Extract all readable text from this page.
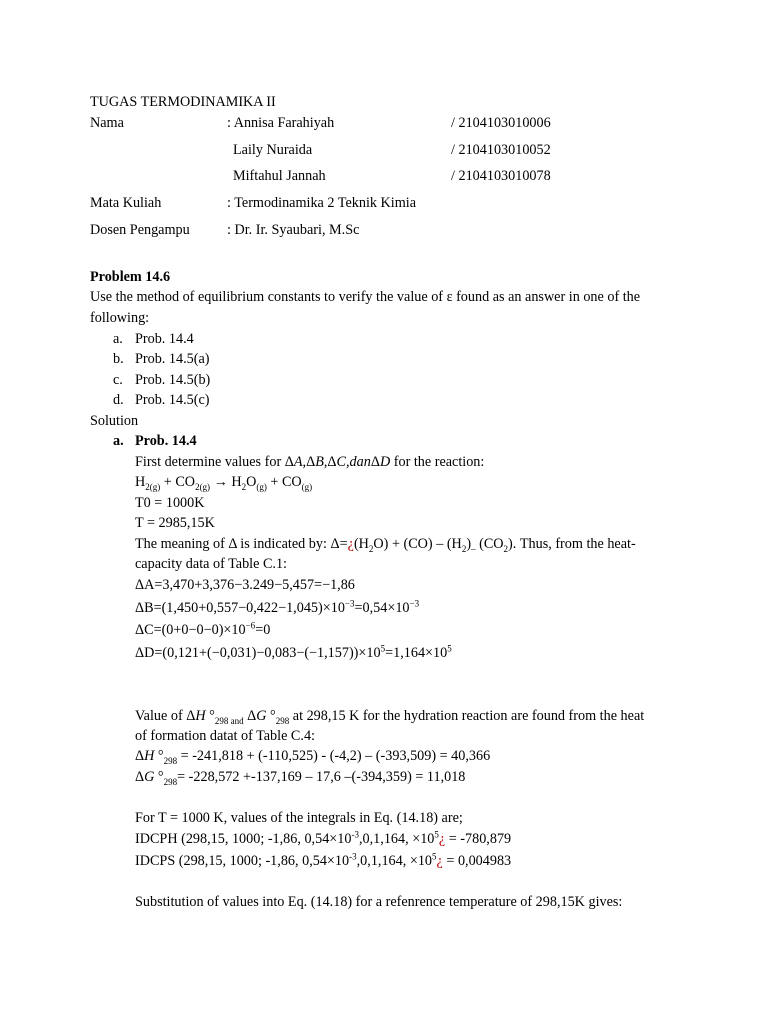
TUGAS TERMODINAMIKA II
Nama	: Annisa Farahiyah	/ 2104103010006
Laily Nuraida	/ 2104103010052
Miftahul Jannah	/ 2104103010078
Mata Kuliah	: Termodinamika 2 Teknik Kimia
Dosen Pengampu	: Dr. Ir. Syaubari, M.Sc
Problem 14.6
Use the method of equilibrium constants to verify the value of ε found as an answer in one of the
following:
a. Prob. 14.4
b. Prob. 14.5(a)
c. Prob. 14.5(b)
d. Prob. 14.5(c)
Solution
a. Prob. 14.4
First determine values for ΔA,ΔB,ΔC,danΔD for the reaction:
$H_{2(g)} + CO_{2(g)} \to H_2O_{(g)} + CO_{(g)}$
T0 = 1000K
T = 2985,15K
The meaning of Δ is indicated by: $\Delta=¿(H_2O) + (CO) - (H_2)_-$ $(CO_2)$. Thus, from the heat-
capacity data of Table C.1:
ΔA=3,470+3,376−3.249−5,457=−1,86
$\Delta B=(1,450+0,557-0,422-1,045)\times 10^{-3}=0,54\times 10^{-3}$
$\Delta C=(0+0-0-0)\times 10^{-6}=0$
$\Delta D=(0,121+(-0,031)-0,083-(-1,157))\times 10^5=1,164\times 10^5$
Value of ΔH $^\circ_{298 and}$ ΔG $^\circ_{298}$ at 298,15 K for the hydration reaction are found from the heat
of formation datat of Table C.4:
ΔH $^\circ_{298} = -241,818 + (-110,525) - (-4,2) - (-393,509) = 40,366$
ΔG $^\circ_{298}= -228,572 +-137,169 - 17,6$ –(-394,359) = 11,018
For T = 1000 K, values of the integrals in Eq. (14.18) are;
IDCPH (298,15, 1000; -1,86, $0,54\times 10^{-3},0,1,164$, $\times 10^5¿ = -780,879$
IDCPS (298,15, 1000; -1,86, $0,54\times 10^{-3},0,1,164$, $\times 10^5¿ = 0,004983$
Substitution of values into Eq. (14.18) for a refenrence temperature of 298,15K gives:
